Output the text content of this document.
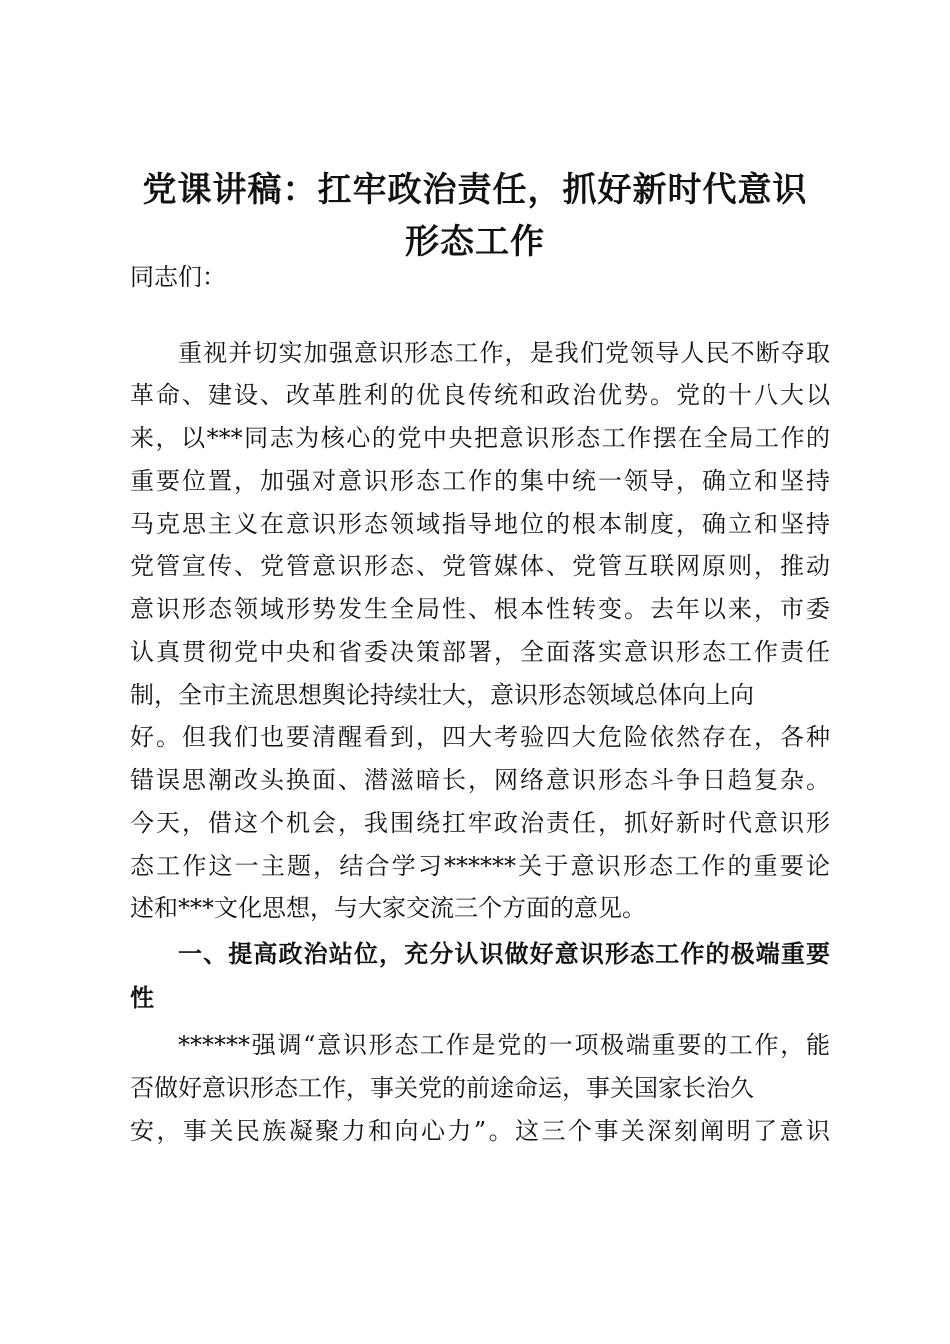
党课讲稿：扛牢政治责任，抓好新时代意识
形态工作
同志们：
重视并切实加强意识形态工作，是我们党领导人民不断夺取
革命、建设、改革胜利的优良传统和政治优势。党的十八大以
来，以***同志为核心的党中央把意识形态工作摆在全局工作的
重要位置，加强对意识形态工作的集中统一领导，确立和坚持
马克思主义在意识形态领域指导地位的根本制度，确立和坚持
党管宣传、党管意识形态、党管媒体、党管互联网原则，推动
意识形态领域形势发生全局性、根本性转变。去年以来，市委
认真贯彻党中央和省委决策部署，全面落实意识形态工作责任
制，全市主流思想舆论持续壮大，意识形态领域总体向上向
好。但我们也要清醒看到，四大考验四大危险依然存在，各种
错误思潮改头换面、潜滋暗长，网络意识形态斗争日趋复杂。
今天，借这个机会，我围绕扛牢政治责任，抓好新时代意识形
态工作这一主题，结合学习******关于意识形态工作的重要论
述和***文化思想，与大家交流三个方面的意见。
一、提高政治站位，充分认识做好意识形态工作的极端重要
性
******强调“意识形态工作是党的一项极端重要的工作，能
否做好意识形态工作，事关党的前途命运，事关国家长治久
安，事关民族凝聚力和向心力”。这三个事关深刻阐明了意识
